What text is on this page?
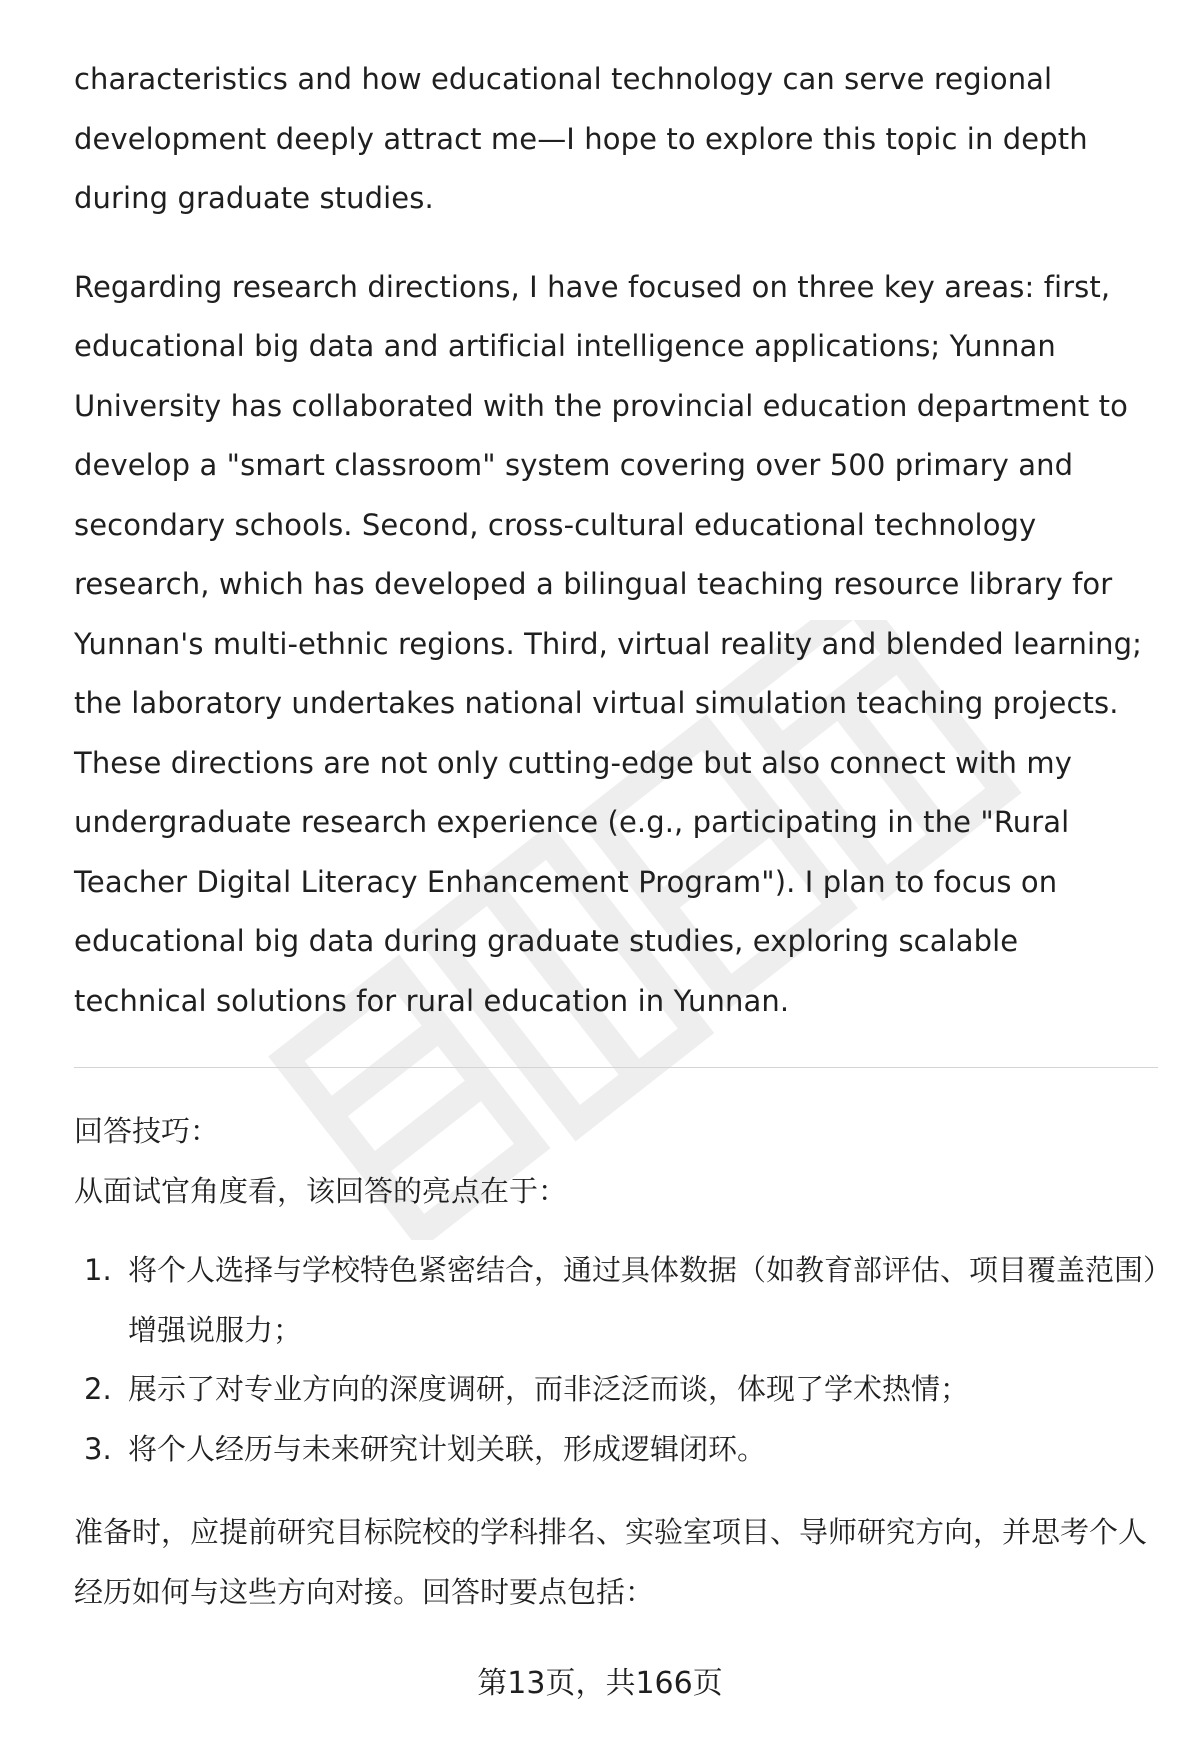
characteristics and how educational technology can serve regional development deeply attract me—I hope to explore this topic in depth during graduate studies.

Regarding research directions, I have focused on three key areas: first, educational big data and artificial intelligence applications; Yunnan University has collaborated with the provincial education department to develop a "smart classroom" system covering over 500 primary and secondary schools. Second, cross-cultural educational technology research, which has developed a bilingual teaching resource library for Yunnan's multi-ethnic regions. Third, virtual reality and blended learning; the laboratory undertakes national virtual simulation teaching projects. These directions are not only cutting-edge but also connect with my undergraduate research experience (e.g., participating in the "Rural Teacher Digital Literacy Enhancement Program"). I plan to focus on educational big data during graduate studies, exploring scalable technical solutions for rural education in Yunnan.

回答技巧：

从面试官角度看，该回答的亮点在于：

1. 将个人选择与学校特色紧密结合，通过具体数据（如教育部评估、项目覆盖范围）增强说服力；
2. 展示了对专业方向的深度调研，而非泛泛而谈，体现了学术热情；
3. 将个人经历与未来研究计划关联，形成逻辑闭环。

准备时，应提前研究目标院校的学科排名、实验室项目、导师研究方向，并思考个人经历如何与这些方向对接。回答时要点包括：

第13页，共166页
